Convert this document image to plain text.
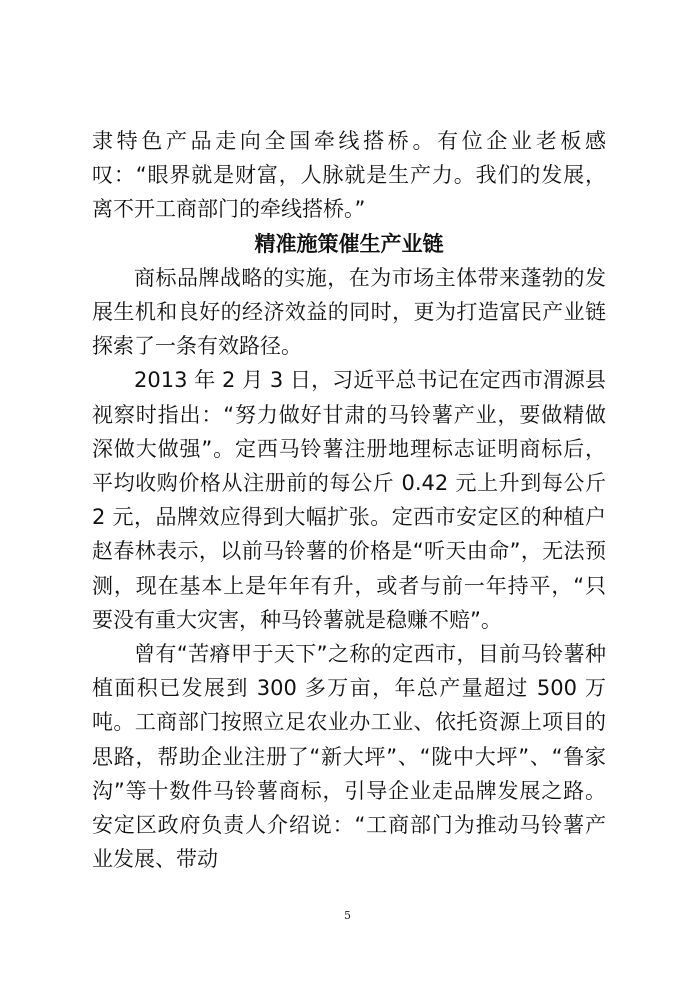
隶特色产品走向全国牵线搭桥。有位企业老板感叹：“眼界就是财富，人脉就是生产力。我们的发展，离不开工商部门的牵线搭桥。”

精准施策催生产业链

商标品牌战略的实施，在为市场主体带来蓬勃的发展生机和良好的经济效益的同时，更为打造富民产业链探索了一条有效路径。

2013 年 2 月 3 日，习近平总书记在定西市渭源县视察时指出：“努力做好甘肃的马铃薯产业，要做精做深做大做强”。定西马铃薯注册地理标志证明商标后，平均收购价格从注册前的每公斤 0.42 元上升到每公斤 2 元，品牌效应得到大幅扩张。定西市安定区的种植户赵春林表示，以前马铃薯的价格是“听天由命”，无法预测，现在基本上是年年有升，或者与前一年持平，“只要没有重大灾害，种马铃薯就是稳赚不赔”。

曾有“苦瘠甲于天下”之称的定西市，目前马铃薯种植面积已发展到 300 多万亩，年总产量超过 500 万吨。工商部门按照立足农业办工业、依托资源上项目的思路，帮助企业注册了“新大坪”、“陇中大坪”、“鲁家沟”等十数件马铃薯商标，引导企业走品牌发展之路。安定区政府负责人介绍说：“工商部门为推动马铃薯产业发展、带动

5
